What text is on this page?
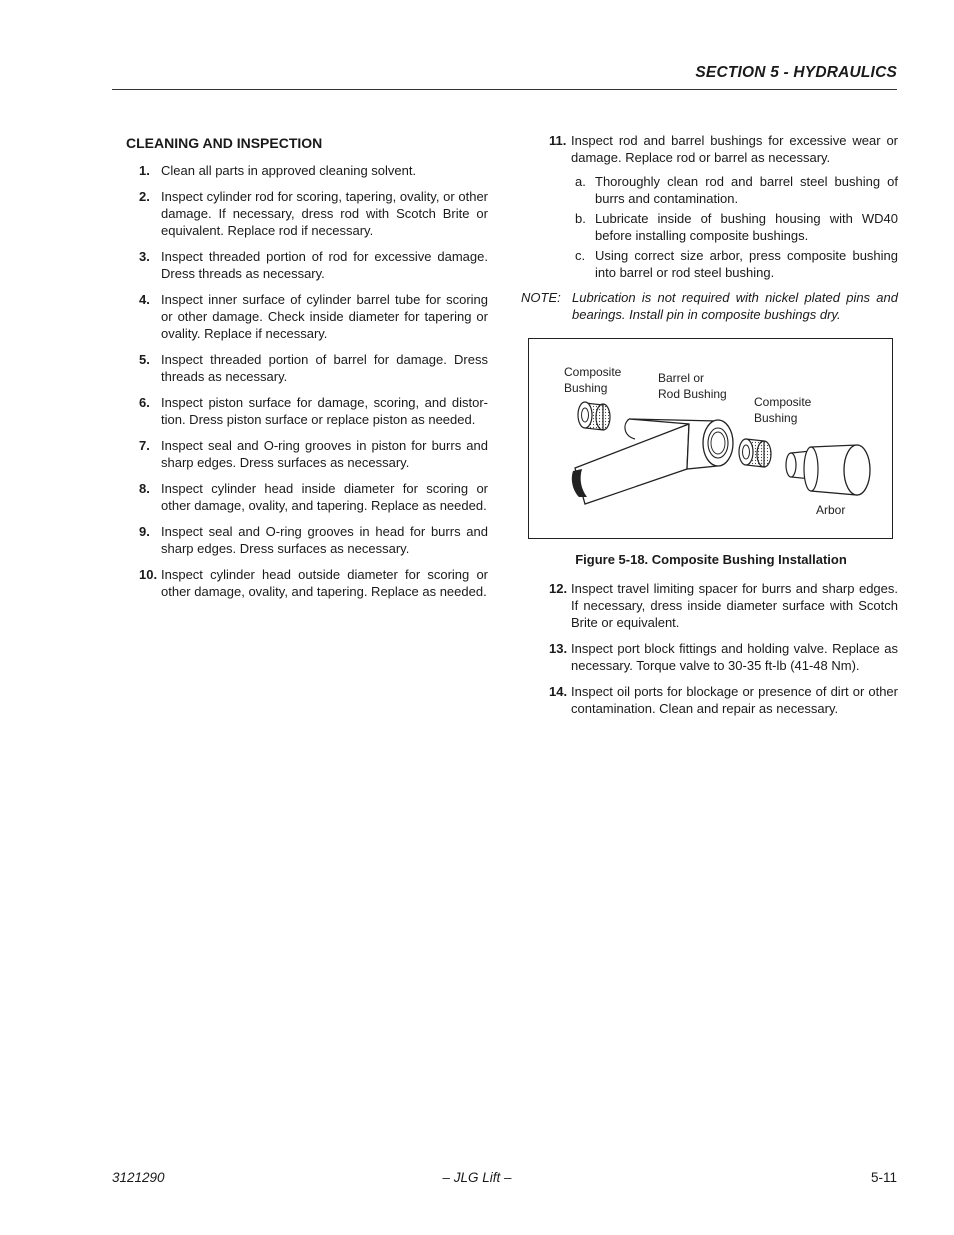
SECTION 5 - HYDRAULICS
CLEANING AND INSPECTION
1. Clean all parts in approved cleaning solvent.
2. Inspect cylinder rod for scoring, tapering, ovality, or other damage. If necessary, dress rod with Scotch Brite or equivalent. Replace rod if necessary.
3. Inspect threaded portion of rod for excessive damage. Dress threads as necessary.
4. Inspect inner surface of cylinder barrel tube for scoring or other damage. Check inside diameter for tapering or ovality. Replace if necessary.
5. Inspect threaded portion of barrel for damage. Dress threads as necessary.
6. Inspect piston surface for damage, scoring, and distor-tion. Dress piston surface or replace piston as needed.
7. Inspect seal and O-ring grooves in piston for burrs and sharp edges. Dress surfaces as necessary.
8. Inspect cylinder head inside diameter for scoring or other damage, ovality, and tapering. Replace as needed.
9. Inspect seal and O-ring grooves in head for burrs and sharp edges. Dress surfaces as necessary.
10. Inspect cylinder head outside diameter for scoring or other damage, ovality, and tapering. Replace as needed.
11. Inspect rod and barrel bushings for excessive wear or damage. Replace rod or barrel as necessary.
a. Thoroughly clean rod and barrel steel bushing of burrs and contamination.
b. Lubricate inside of bushing housing with WD40 before installing composite bushings.
c. Using correct size arbor, press composite bushing into barrel or rod steel bushing.
NOTE: Lubrication is not required with nickel plated pins and bearings. Install pin in composite bushings dry.
Composite
Bushing
Barrel or
Rod Bushing
Composite
Bushing
Arbor
Figure 5-18. Composite Bushing Installation
12. Inspect travel limiting spacer for burrs and sharp edges. If necessary, dress inside diameter surface with Scotch Brite or equivalent.
13. Inspect port block fittings and holding valve. Replace as necessary. Torque valve to 30-35 ft-lb (41-48 Nm).
14. Inspect oil ports for blockage or presence of dirt or other contamination. Clean and repair as necessary.
3121290	– JLG Lift –	5-11
